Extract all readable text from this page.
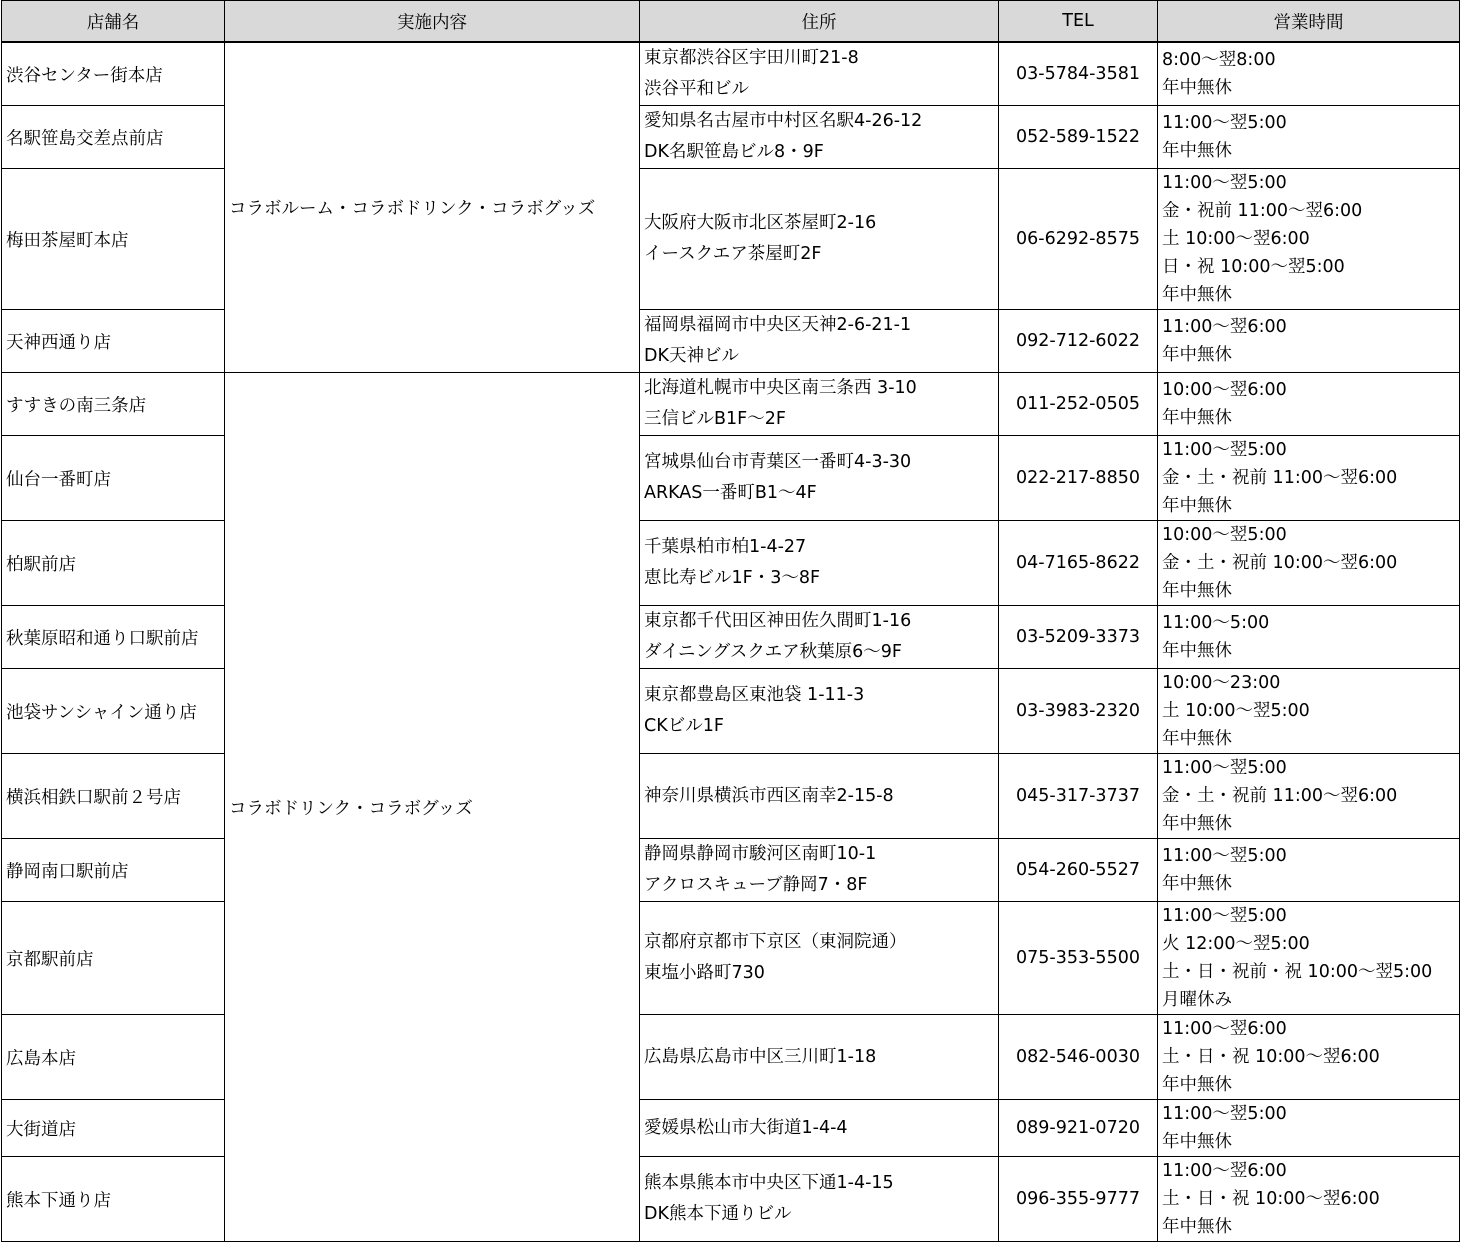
店舗名	実施内容	住所	TEL	営業時間
渋谷センター街本店	コラボルーム・コラボドリンク・コラボグッズ	東京都渋谷区宇田川町21-8
渋谷平和ビル	03-5784-3581	8:00～翌8:00
年中無休

名駅笹島交差点前店		愛知県名古屋市中村区名駅4-26-12
DK名駅笹島ビル8・9F	052-589-1522	11:00～翌5:00
年中無休

梅田茶屋町本店		大阪府大阪市北区茶屋町2-16
イースクエア茶屋町2F	06-6292-8575	11:00～翌5:00
金・祝前 11:00～翌6:00
土 10:00～翌6:00
日・祝 10:00～翌5:00
年中無休

天神西通り店		福岡県福岡市中央区天神2-6-21-1
DK天神ビル	092-712-6022	11:00～翌6:00
年中無休

すすきの南三条店	コラボドリンク・コラボグッズ	北海道札幌市中央区南三条西 3-10
三信ビルB1F～2F	011-252-0505	10:00～翌6:00
年中無休

仙台一番町店		宮城県仙台市青葉区一番町4-3-30
ARKAS一番町B1～4F	022-217-8850	11:00～翌5:00
金・土・祝前 11:00～翌6:00
年中無休

柏駅前店		千葉県柏市柏1-4-27
恵比寿ビル1F・3～8F	04-7165-8622	10:00～翌5:00
金・土・祝前 10:00～翌6:00
年中無休

秋葉原昭和通り口駅前店		東京都千代田区神田佐久間町1-16
ダイニングスクエア秋葉原6～9F	03-5209-3373	11:00～5:00
年中無休

池袋サンシャイン通り店		東京都豊島区東池袋 1-11-3
CKビル1F	03-3983-2320	10:00～23:00
土 10:00～翌5:00
年中無休

横浜相鉄口駅前２号店		神奈川県横浜市西区南幸2-15-8	045-317-3737	11:00～翌5:00
金・土・祝前 11:00～翌6:00
年中無休

静岡南口駅前店		静岡県静岡市駿河区南町10-1
アクロスキューブ静岡7・8F	054-260-5527	11:00～翌5:00
年中無休

京都駅前店		京都府京都市下京区（東洞院通）
東塩小路町730	075-353-5500	11:00～翌5:00
火 12:00～翌5:00
土・日・祝前・祝 10:00～翌5:00
月曜休み

広島本店		広島県広島市中区三川町1-18	082-546-0030	11:00～翌6:00
土・日・祝 10:00～翌6:00
年中無休

大街道店		愛媛県松山市大街道1-4-4	089-921-0720	11:00～翌5:00
年中無休

熊本下通り店		熊本県熊本市中央区下通1-4-15
DK熊本下通りビル	096-355-9777	11:00～翌6:00
土・日・祝 10:00～翌6:00
年中無休
